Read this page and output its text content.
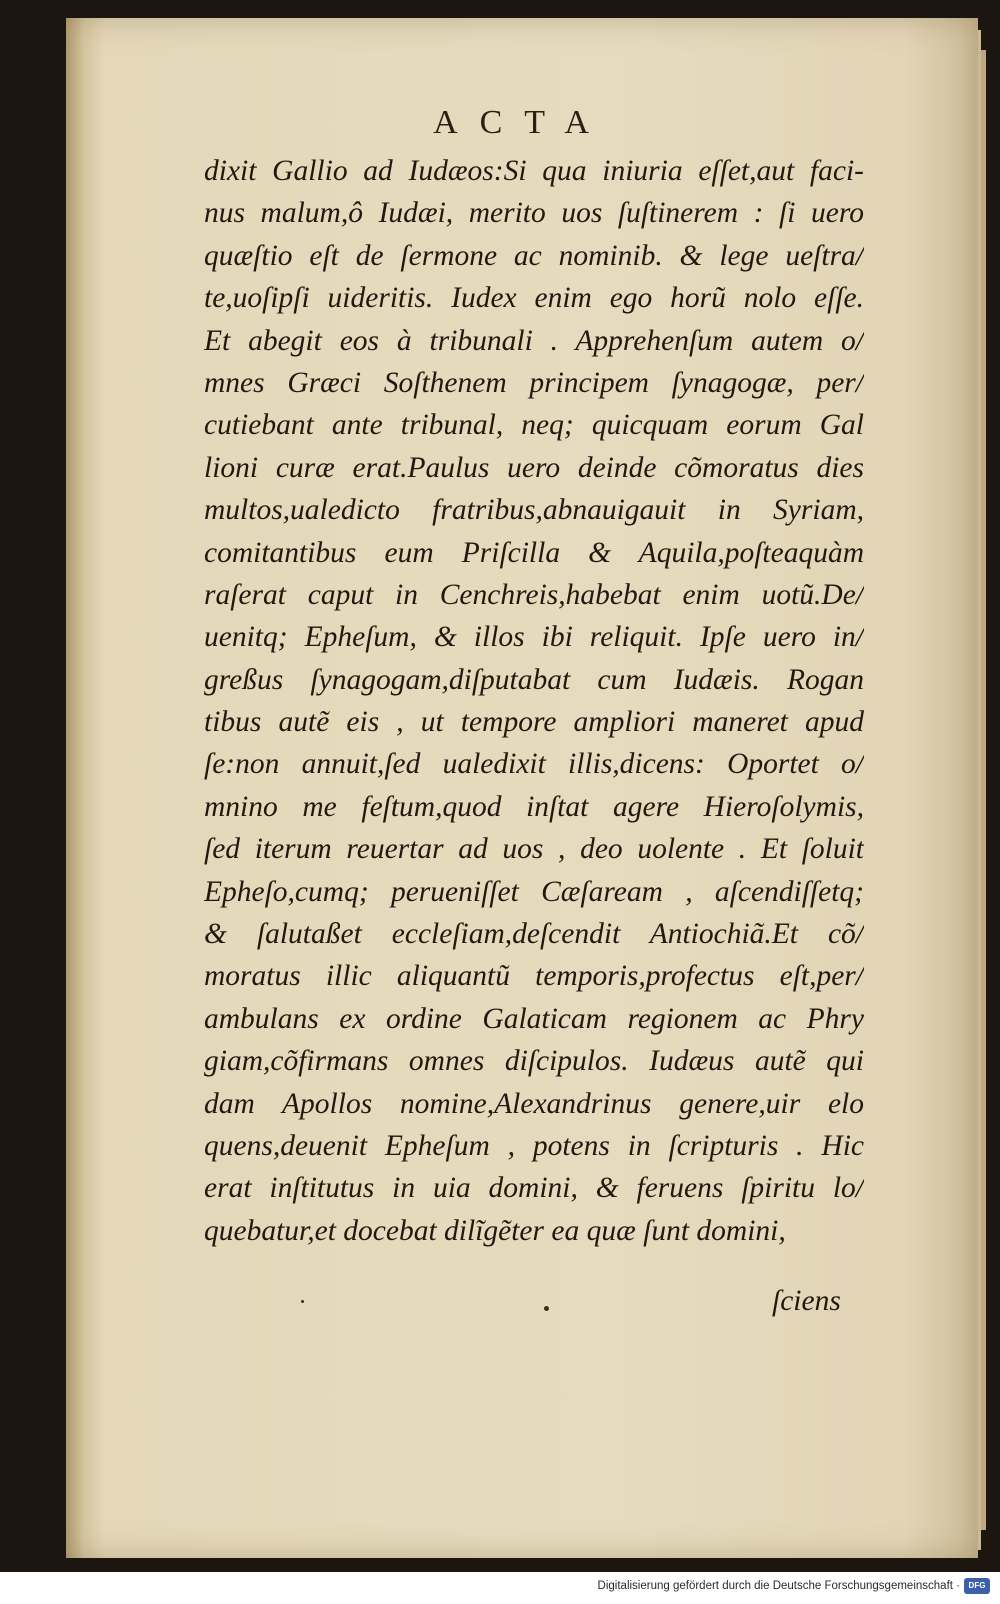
ACTA
dixit Gallio ad Iudæos:Si qua iniuria eſſet,aut faci-
nus malum,ô Iudæi, merito uos ſuſtinerem : ſi uero
quæſtio eſt de ſermone ac nominib. & lege ueſtra/
te,uoſipſi uideritis. Iudex enim ego horũ nolo eſſe.
Et abegit eos à tribunali . Apprehenſum autem o/
mnes Græci Soſthenem principem ſynagogæ, per/
cutiebant ante tribunal, neq; quicquam eorum Gal
lioni curæ erat.Paulus uero deinde cõmoratus dies
multos,ualedicto fratribus,abnauigauit in Syriam,
comitantibus eum Priſcilla & Aquila,poſteaquàm
raſerat caput in Cenchreis,habebat enim uotũ.De/
uenitq; Epheſum, & illos ibi reliquit. Ipſe uero in/
greßus ſynagogam,diſputabat cum Iudæis. Rogan
tibus autẽ eis , ut tempore ampliori maneret apud
ſe:non annuit,ſed ualedixit illis,dicens: Oportet o/
mnino me feſtum,quod inſtat agere Hieroſolymis,
ſed iterum reuertar ad uos , deo uolente . Et ſoluit
Epheſo,cumq; perueniſſet Cæſaream , aſcendiſſetq;
& ſalutaßet eccleſiam,deſcendit Antiochiã.Et cõ/
moratus illic aliquantũ temporis,profectus eſt,per/
ambulans ex ordine Galaticam regionem ac Phry
giam,cõfirmans omnes diſcipulos. Iudæus autẽ qui
dam Apollos nomine,Alexandrinus genere,uir elo
quens,deuenit Epheſum , potens in ſcripturis . Hic
erat inſtitutus in uia domini, & feruens ſpiritu lo/
quebatur,et docebat dilĩgẽter ea quæ ſunt domini,
ſciens
Digitalisierung gefördert durch die Deutsche Forschungsgemeinschaft ·	DFG
